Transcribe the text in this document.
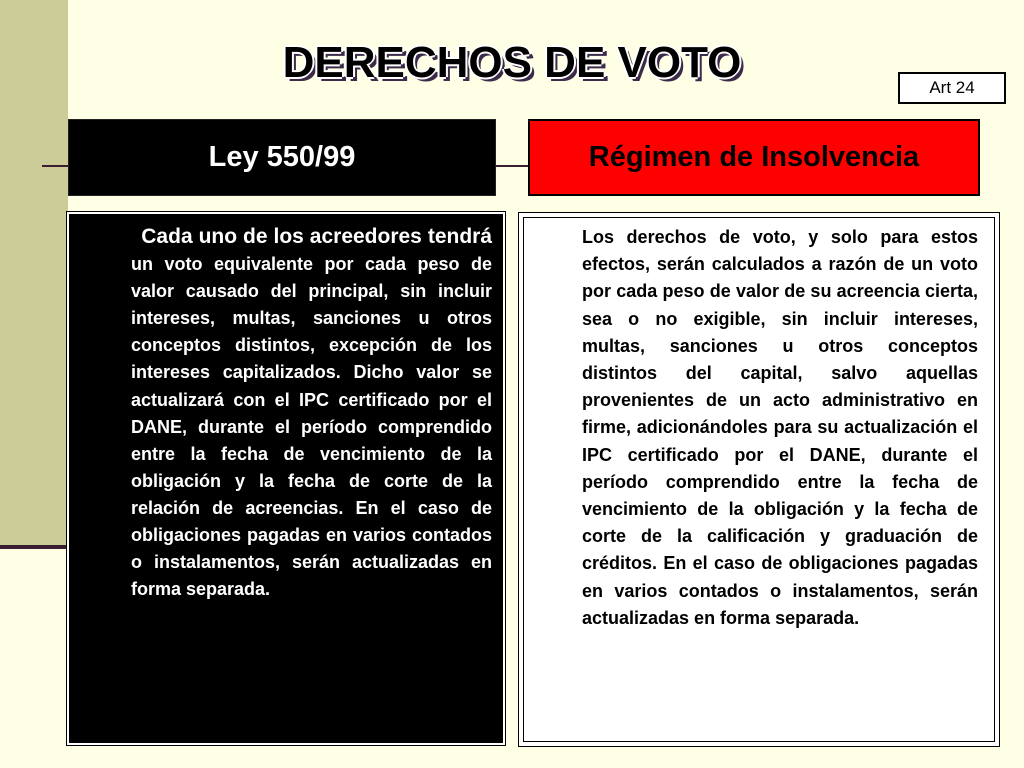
DERECHOS DE VOTO
Art 24
Ley 550/99	Régimen de Insolvencia
Cada uno de los acreedores tendrá un voto equivalente por cada peso de valor causado del principal, sin incluir intereses, multas, sanciones u otros conceptos distintos, excepción de los intereses capitalizados. Dicho valor se actualizará con el IPC certificado por el DANE, durante el período comprendido entre la fecha de vencimiento de la obligación y la fecha de corte de la relación de acreencias. En el caso de obligaciones pagadas en varios contados o instalamentos, serán actualizadas en forma separada.
Los derechos de voto, y solo para estos efectos, serán calculados a razón de un voto por cada peso de valor de su acreencia cierta, sea o no exigible, sin incluir intereses, multas, sanciones u otros conceptos distintos del capital, salvo aquellas provenientes de un acto administrativo en firme, adicionándoles para su actualización el IPC certificado por el DANE, durante el período comprendido entre la fecha de vencimiento de la obligación y la fecha de corte de la calificación y graduación de créditos. En el caso de obligaciones pagadas en varios contados o instalamentos, serán actualizadas en forma separada.
